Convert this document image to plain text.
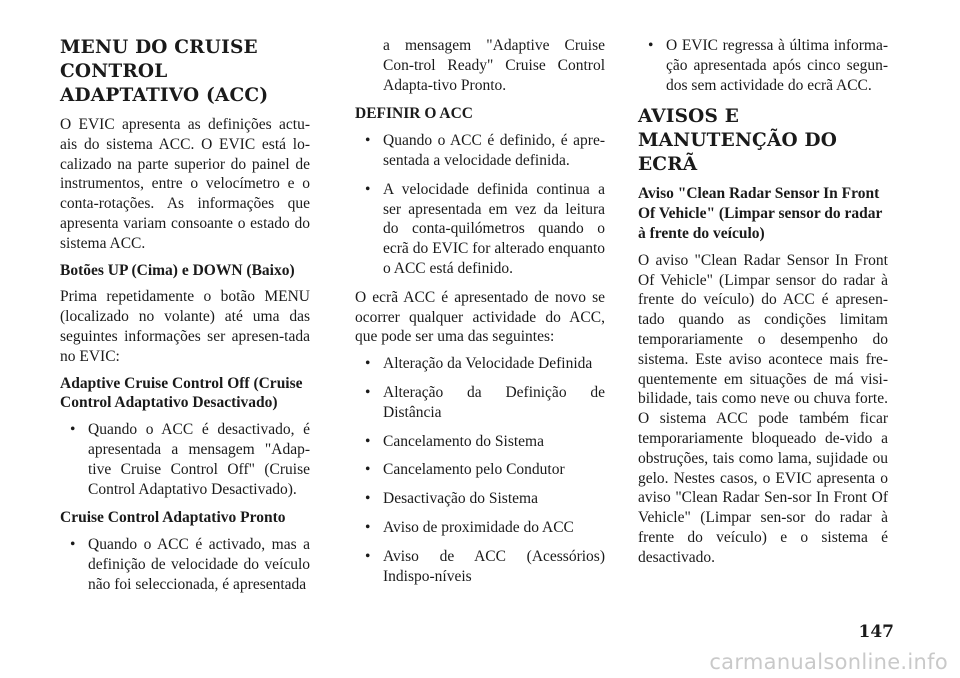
MENU DO CRUISE CONTROL ADAPTATIVO (ACC)

O EVIC apresenta as definições actu-ais do sistema ACC. O EVIC está lo-calizado na parte superior do painel de instrumentos, entre o velocímetro e o conta-rotações. As informações que apresenta variam consoante o estado do sistema ACC.

Botões UP (Cima) e DOWN (Baixo)

Prima repetidamente o botão MENU (localizado no volante) até uma das seguintes informações ser apresen-tada no EVIC:

Adaptive Cruise Control Off (Cruise Control Adaptativo Desactivado)

• Quando o ACC é desactivado, é apresentada a mensagem "Adap-tive Cruise Control Off" (Cruise Control Adaptativo Desactivado).

Cruise Control Adaptativo Pronto

• Quando o ACC é activado, mas a definição de velocidade do veículo não foi seleccionada, é apresentada

a mensagem "Adaptive Cruise Con-trol Ready" Cruise Control Adapta-tivo Pronto.

DEFINIR O ACC

• Quando o ACC é definido, é apre-sentada a velocidade definida.
• A velocidade definida continua a ser apresentada em vez da leitura do conta-quilómetros quando o ecrã do EVIC for alterado enquanto o ACC está definido.

O ecrã ACC é apresentado de novo se ocorrer qualquer actividade do ACC, que pode ser uma das seguintes:

• Alteração da Velocidade Definida
• Alteração da Definição de Distância
• Cancelamento do Sistema
• Cancelamento pelo Condutor
• Desactivação do Sistema
• Aviso de proximidade do ACC
• Aviso de ACC (Acessórios) Indispo-níveis
• O EVIC regressa à última informa-ção apresentada após cinco segun-dos sem actividade do ecrã ACC.
AVISOS E MANUTENÇÃO DO ECRÃ

Aviso "Clean Radar Sensor In Front Of Vehicle" (Limpar sensor do radar à frente do veículo)

O aviso "Clean Radar Sensor In Front Of Vehicle" (Limpar sensor do radar à frente do veículo) do ACC é apresen-tado quando as condições limitam temporariamente o desempenho do sistema. Este aviso acontece mais fre-quentemente em situações de má visi-bilidade, tais como neve ou chuva forte. O sistema ACC pode também ficar temporariamente bloqueado de-vido a obstruções, tais como lama, sujidade ou gelo. Nestes casos, o EVIC apresenta o aviso "Clean Radar Sen-sor In Front Of Vehicle" (Limpar sen-sor do radar à frente do veículo) e o sistema é desactivado.

147
carmanualsonline.info
